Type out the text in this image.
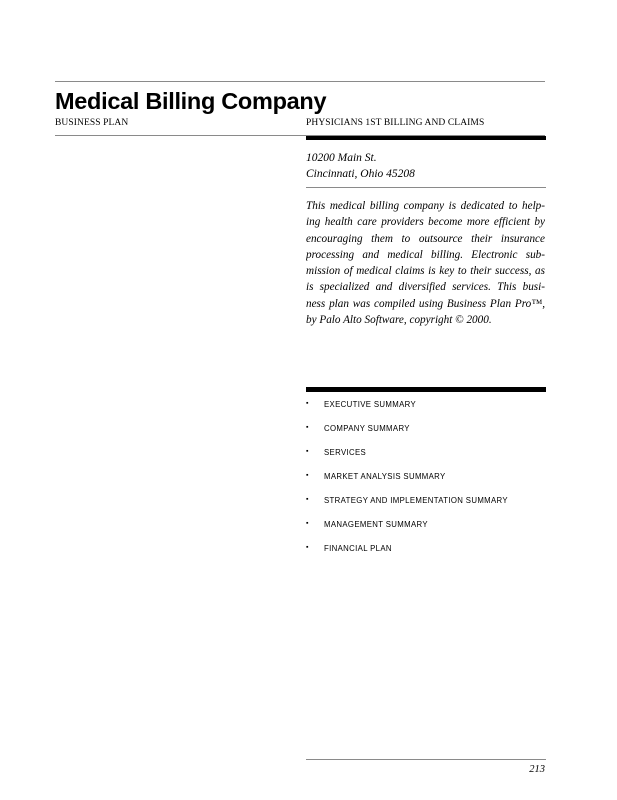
Medical Billing Company
BUSINESS PLAN	PHYSICIANS 1ST BILLING AND CLAIMS
10200 Main St.
Cincinnati, Ohio 45208
This medical billing company is dedicated to help-
ing health care providers become more efficient by
encouraging them to outsource their insurance
processing and medical billing. Electronic sub-
mission of medical claims is key to their success, as
is specialized and diversified services. This busi-
ness plan was compiled using Business Plan Pro™,
by Palo Alto Software, copyright © 2000.
▪	EXECUTIVE SUMMARY
▪	COMPANY SUMMARY
▪	SERVICES
▪	MARKET ANALYSIS SUMMARY
▪	STRATEGY AND IMPLEMENTATION SUMMARY
▪	MANAGEMENT SUMMARY
▪	FINANCIAL PLAN
213
